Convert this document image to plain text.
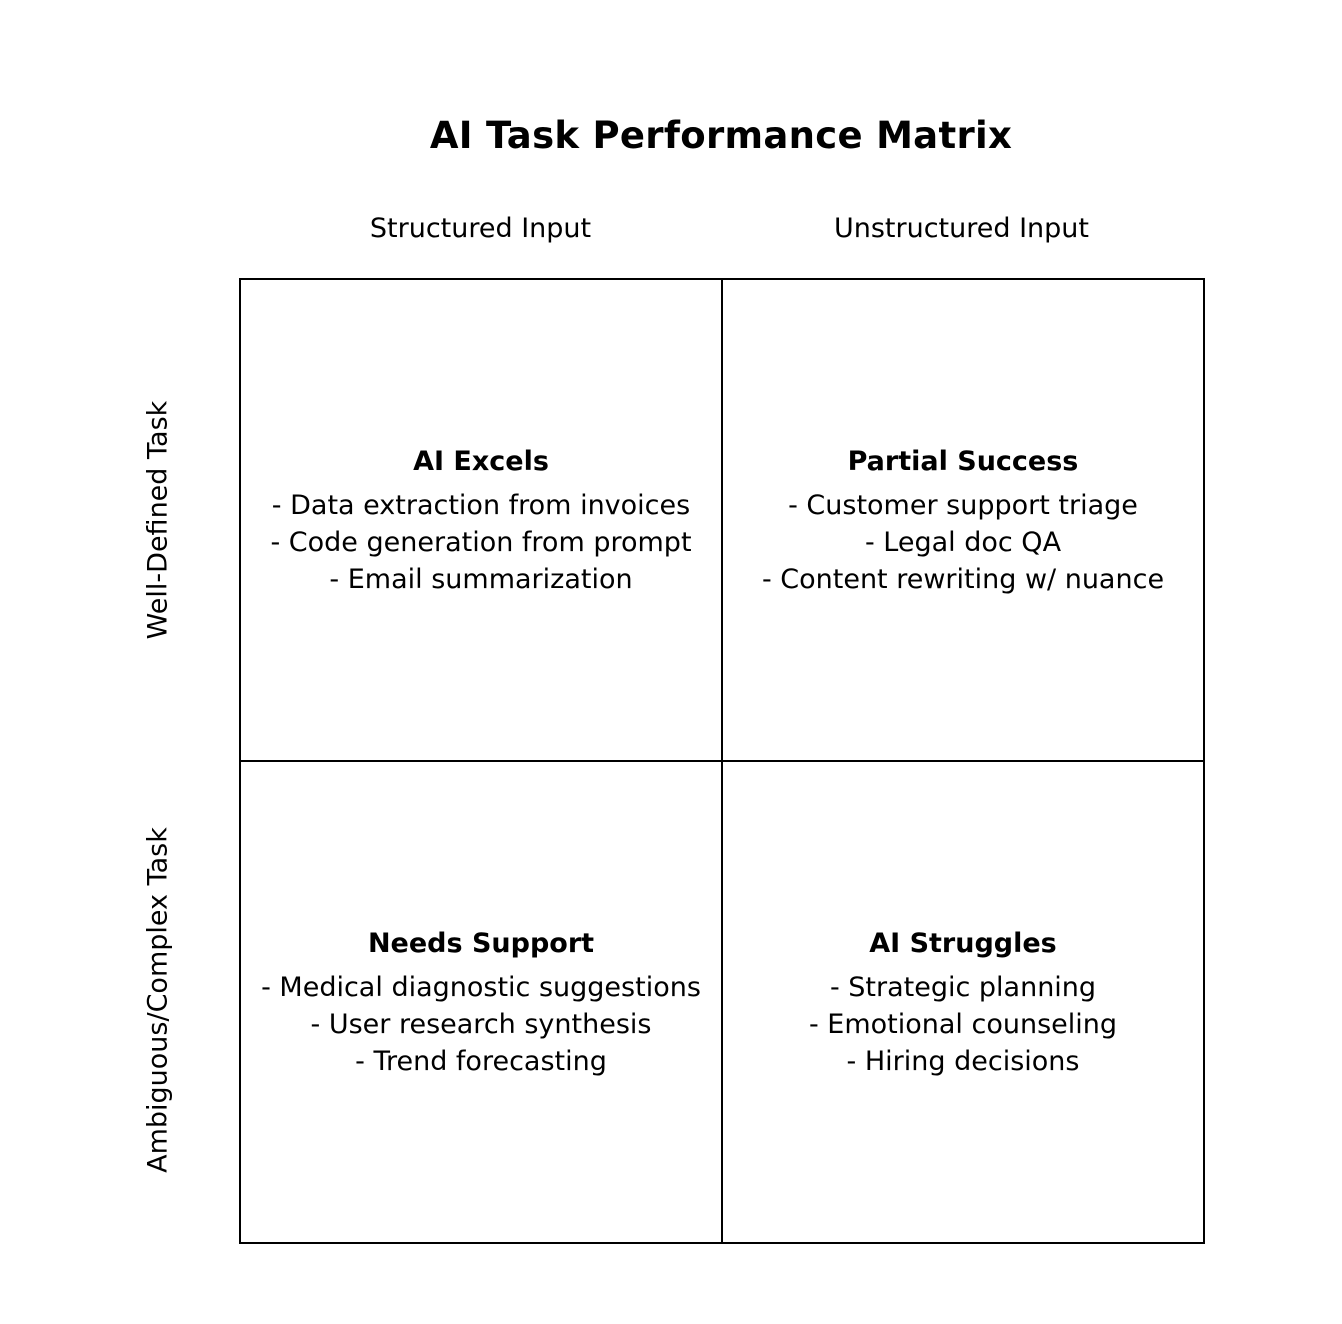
AI Task Performance Matrix
Structured Input	Unstructured Input
Well-Defined Task
Ambiguous/Complex Task
AI Excels
- Data extraction from invoices
- Code generation from prompt
- Email summarization
Partial Success
- Customer support triage
- Legal doc QA
- Content rewriting w/ nuance
Needs Support
- Medical diagnostic suggestions
- User research synthesis
- Trend forecasting
AI Struggles
- Strategic planning
- Emotional counseling
- Hiring decisions
